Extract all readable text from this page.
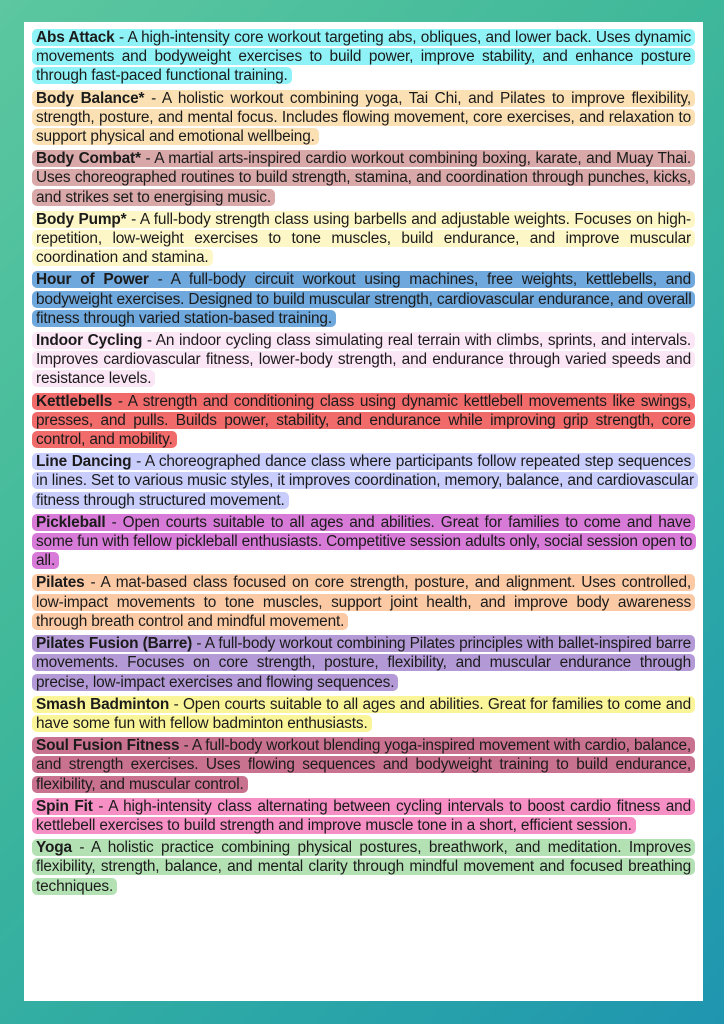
Abs Attack - A high-intensity core workout targeting abs, obliques, and lower back. Uses dynamic movements and bodyweight exercises to build power, improve stability, and enhance posture through fast-paced functional training.
Body Balance* - A holistic workout combining yoga, Tai Chi, and Pilates to improve flexibility, strength, posture, and mental focus. Includes flowing movement, core exercises, and relaxation to support physical and emotional wellbeing.
Body Combat* - A martial arts-inspired cardio workout combining boxing, karate, and Muay Thai. Uses choreographed routines to build strength, stamina, and coordination through punches, kicks, and strikes set to energising music.
Body Pump* - A full-body strength class using barbells and adjustable weights. Focuses on high-repetition, low-weight exercises to tone muscles, build endurance, and improve muscular coordination and stamina.
Hour of Power - A full-body circuit workout using machines, free weights, kettlebells, and bodyweight exercises. Designed to build muscular strength, cardiovascular endurance, and overall fitness through varied station-based training.
Indoor Cycling - An indoor cycling class simulating real terrain with climbs, sprints, and intervals. Improves cardiovascular fitness, lower-body strength, and endurance through varied speeds and resistance levels.
Kettlebells - A strength and conditioning class using dynamic kettlebell movements like swings, presses, and pulls. Builds power, stability, and endurance while improving grip strength, core control, and mobility.
Line Dancing - A choreographed dance class where participants follow repeated step sequences in lines. Set to various music styles, it improves coordination, memory, balance, and cardiovascular fitness through structured movement.
Pickleball - Open courts suitable to all ages and abilities. Great for families to come and have some fun with fellow pickleball enthusiasts. Competitive session adults only, social session open to all.
Pilates - A mat-based class focused on core strength, posture, and alignment. Uses controlled, low-impact movements to tone muscles, support joint health, and improve body awareness through breath control and mindful movement.
Pilates Fusion (Barre) - A full-body workout combining Pilates principles with ballet-inspired barre movements. Focuses on core strength, posture, flexibility, and muscular endurance through precise, low-impact exercises and flowing sequences.
Smash Badminton - Open courts suitable to all ages and abilities. Great for families to come and have some fun with fellow badminton enthusiasts.
Soul Fusion Fitness - A full-body workout blending yoga-inspired movement with cardio, balance, and strength exercises. Uses flowing sequences and bodyweight training to build endurance, flexibility, and muscular control.
Spin Fit - A high-intensity class alternating between cycling intervals to boost cardio fitness and kettlebell exercises to build strength and improve muscle tone in a short, efficient session.
Yoga - A holistic practice combining physical postures, breathwork, and meditation. Improves flexibility, strength, balance, and mental clarity through mindful movement and focused breathing techniques.
